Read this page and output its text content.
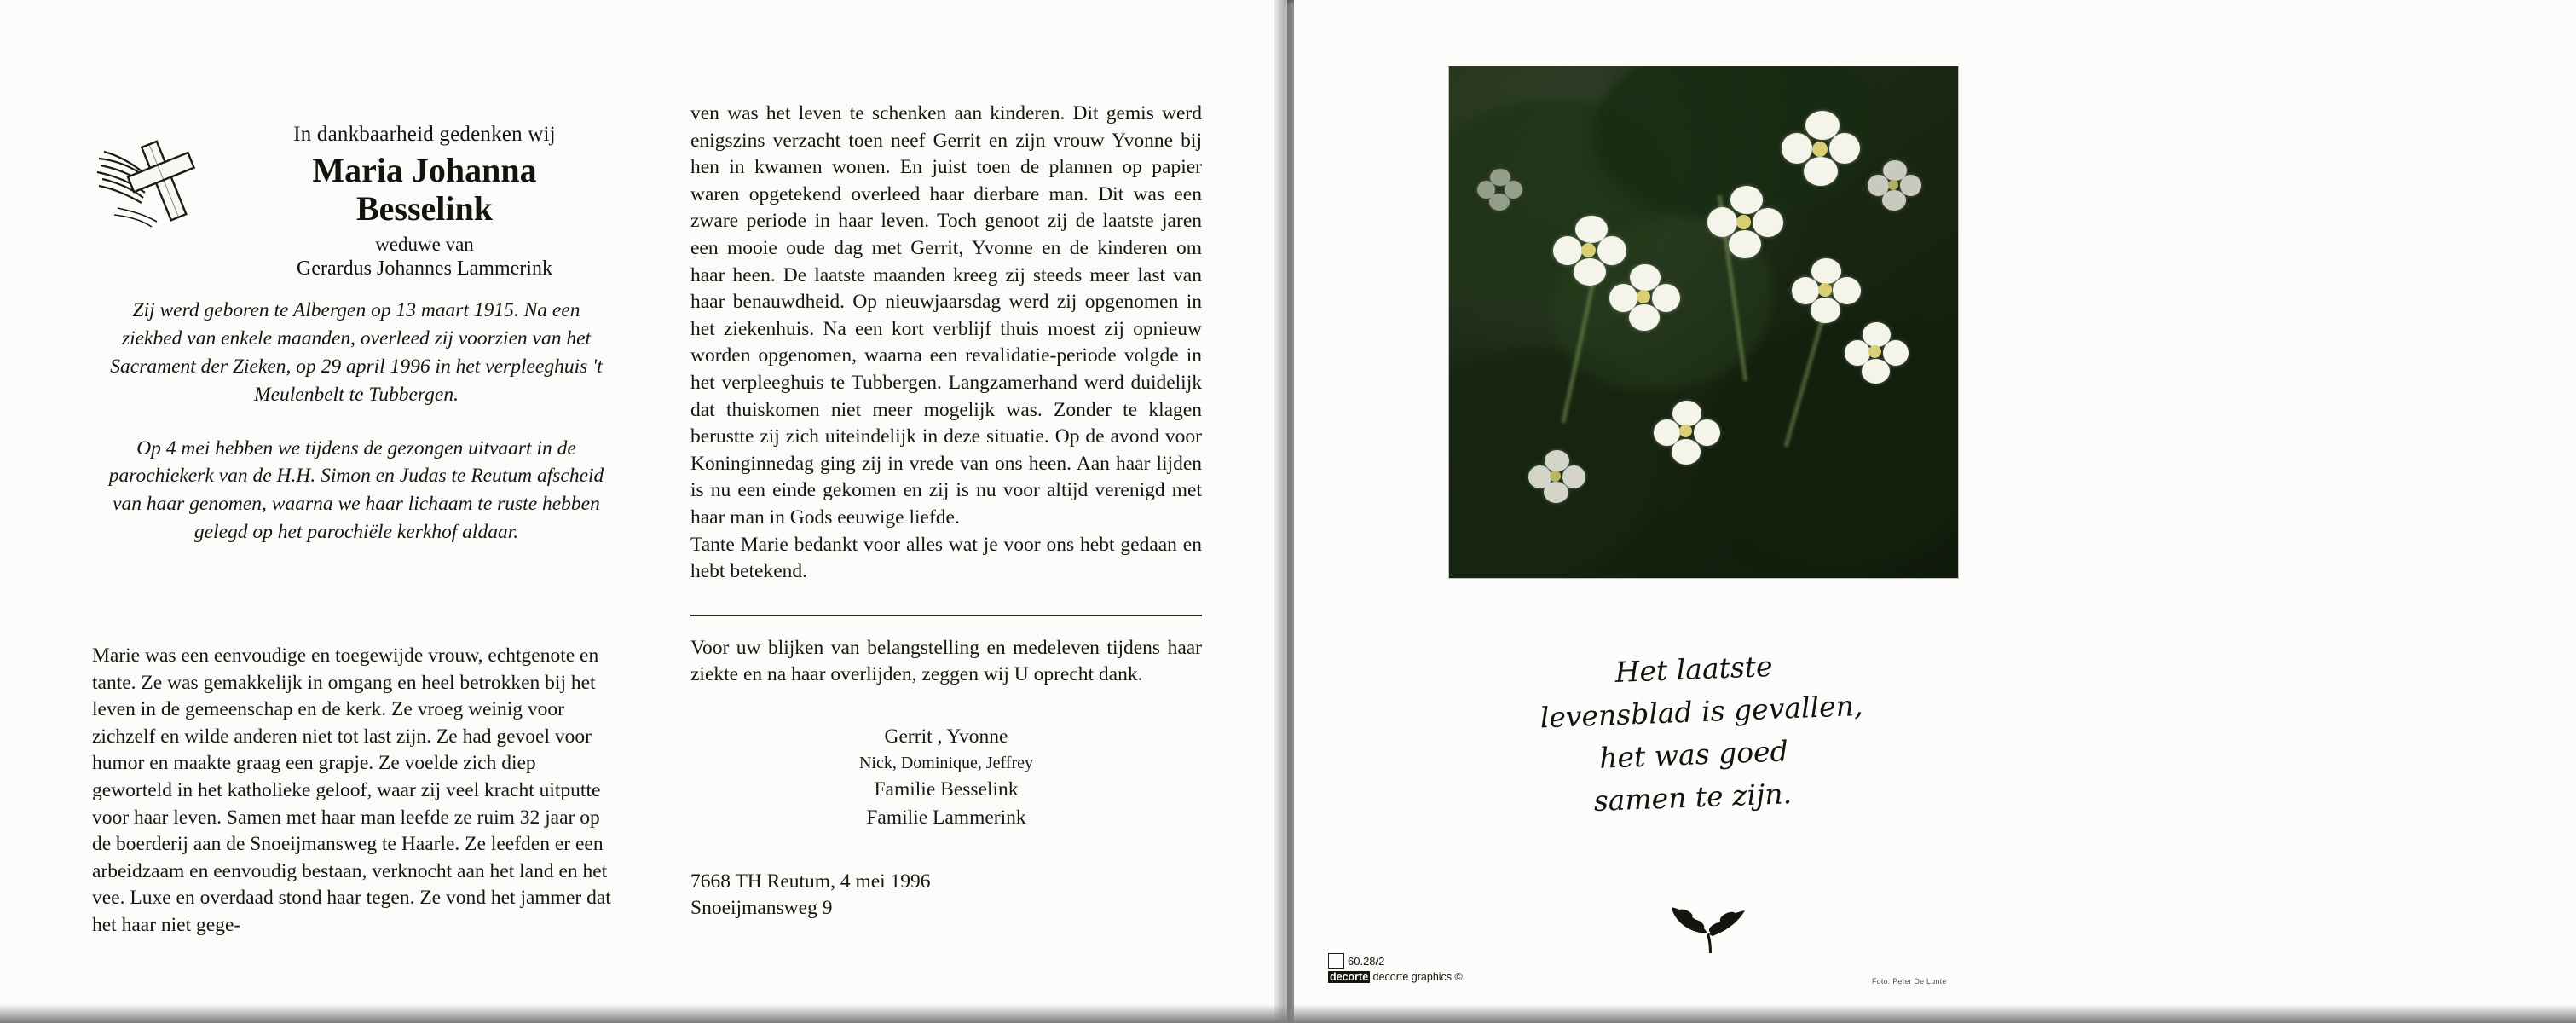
In dankbaarheid gedenken wij
Maria Johanna
Besselink
weduwe van
Gerardus Johannes Lammerink

Zij werd geboren te Albergen op 13 maart 1915. Na een ziekbed van enkele maanden, overleed zij voorzien van het Sacrament der Zieken, op 29 april 1996 in het verpleeghuis 't Meulenbelt te Tubbergen.

Op 4 mei hebben we tijdens de gezongen uitvaart in de parochiekerk van de H.H. Simon en Judas te Reutum afscheid van haar genomen, waarna we haar lichaam te ruste hebben gelegd op het parochiële kerkhof aldaar.

Marie was een eenvoudige en toegewijde vrouw, echtgenote en tante. Ze was gemakkelijk in omgang en heel betrokken bij het leven in de gemeenschap en de kerk. Ze vroeg weinig voor zichzelf en wilde anderen niet tot last zijn. Ze had gevoel voor humor en maakte graag een grapje. Ze voelde zich diep geworteld in het katholieke geloof, waar zij veel kracht uitputte voor haar leven. Samen met haar man leefde ze ruim 32 jaar op de boerderij aan de Snoeijmansweg te Haarle. Ze leefden er een arbeidzaam en eenvoudig bestaan, verknocht aan het land en het vee. Luxe en overdaad stond haar tegen. Ze vond het jammer dat het haar niet gege-

ven was het leven te schenken aan kinderen. Dit gemis werd enigszins verzacht toen neef Gerrit en zijn vrouw Yvonne bij hen in kwamen wonen. En juist toen de plannen op papier waren opgetekend overleed haar dierbare man. Dit was een zware periode in haar leven. Toch genoot zij de laatste jaren een mooie oude dag met Gerrit, Yvonne en de kinderen om haar heen. De laatste maanden kreeg zij steeds meer last van haar benauwdheid. Op nieuwjaarsdag werd zij opgenomen in het ziekenhuis. Na een kort verblijf thuis moest zij opnieuw worden opgenomen, waarna een revalidatie-periode volgde in het verpleeghuis te Tubbergen. Langzamerhand werd duidelijk dat thuiskomen niet meer mogelijk was. Zonder te klagen berustte zij zich uiteindelijk in deze situatie. Op de avond voor Koninginnedag ging zij in vrede van ons heen. Aan haar lijden is nu een einde gekomen en zij is nu voor altijd verenigd met haar man in Gods eeuwige liefde.

Tante Marie bedankt voor alles wat je voor ons hebt gedaan en hebt betekend.

Voor uw blijken van belangstelling en medeleven tijdens haar ziekte en na haar overlijden, zeggen wij U oprecht dank.
Gerrit , Yvonne
Nick, Dominique, Jeffrey
Familie Besselink
Familie Lammerink
7668 TH Reutum, 4 mei 1996
Snoeijmansweg 9
Het laatste
levensblad is gevallen,
het was goed
samen te zijn.
60.28/2
decorte decorte graphics ©	Foto: Peter De Lunte
